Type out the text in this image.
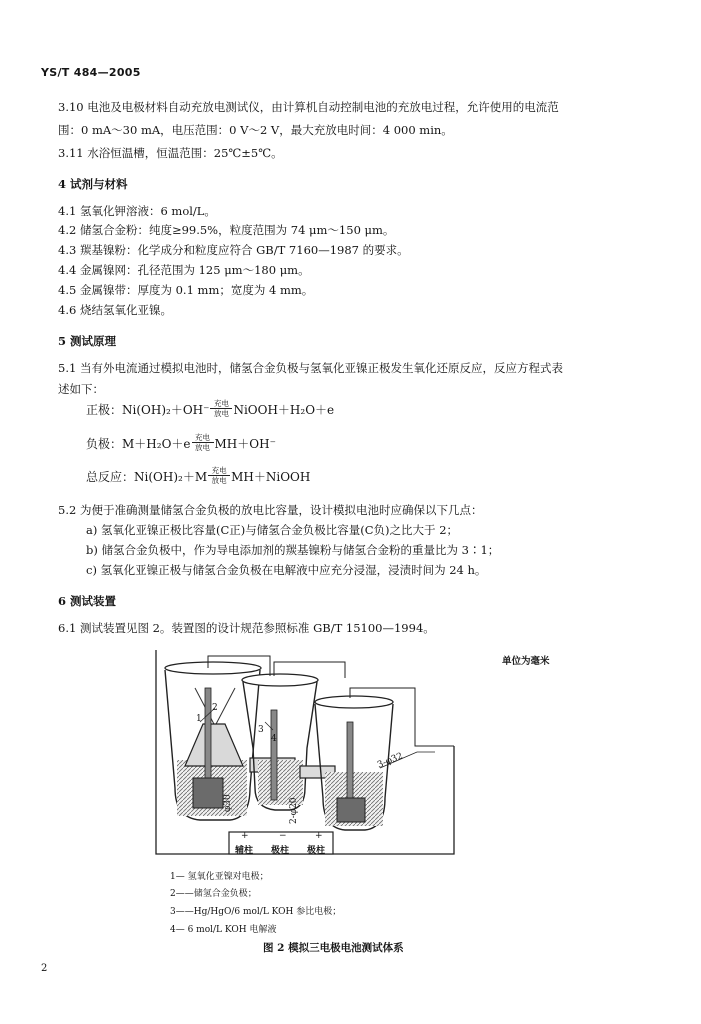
YS/T 484—2005
3.10 电池及电极材料自动充放电测试仪，由计算机自动控制电池的充放电过程，允许使用的电流范
围：0 mA～30 mA，电压范围：0 V～2 V，最大充放电时间：4 000 min。
3.11 水浴恒温槽，恒温范围：25℃±5℃。
4 试剂与材料
4.1 氢氧化钾溶液：6 mol/L。
4.2 储氢合金粉：纯度≥99.5%，粒度范围为 74 μm～150 μm。
4.3 羰基镍粉：化学成分和粒度应符合 GB/T 7160—1987 的要求。
4.4 金属镍网：孔径范围为 125 μm～180 μm。
4.5 金属镍带：厚度为 0.1 mm；宽度为 4 mm。
4.6 烧结氢氧化亚镍。
5 测试原理
5.1 当有外电流通过模拟电池时，储氢合金负极与氢氧化亚镍正极发生氧化还原反应，反应方程式表
述如下：
正极：$Ni(OH)_2+OH^- \frac{\text{充电}}{\text{放电}}$ NiOOH＋H₂O＋e
负极：$M+H_2O+e \frac{\text{充电}}{\text{放电}} MH+OH^-$
总反应：$Ni(OH)_2+M \frac{\text{充电}}{\text{放电}}$ MH＋NiOOH
5.2 为便于准确测量储氢合金负极的放电比容量，设计模拟电池时应确保以下几点：
a) 氢氧化亚镍正极比容量(C正)与储氢合金负极比容量(C负)之比大于 2；
b) 储氢合金负极中，作为导电添加剂的羰基镍粉与储氢合金粉的重量比为 3∶1；
c) 氢氧化亚镍正极与储氢合金负极在电解液中应充分浸湿，浸渍时间为 24 h。
6 测试装置
6.1 测试装置见图 2。装置图的设计规范参照标准 GB/T 15100—1994。
单位为毫米
1
2
3
4
3-φ32
φ30	2-φ20
+	−	+
辅柱 极柱 极柱
1— 氢氧化亚镍对电极；
2——储氢合金负极；
3——Hg/HgO/6 mol/L KOH 参比电极；
4— 6 mol/L KOH 电解液
图 2 模拟三电极电池测试体系
2
